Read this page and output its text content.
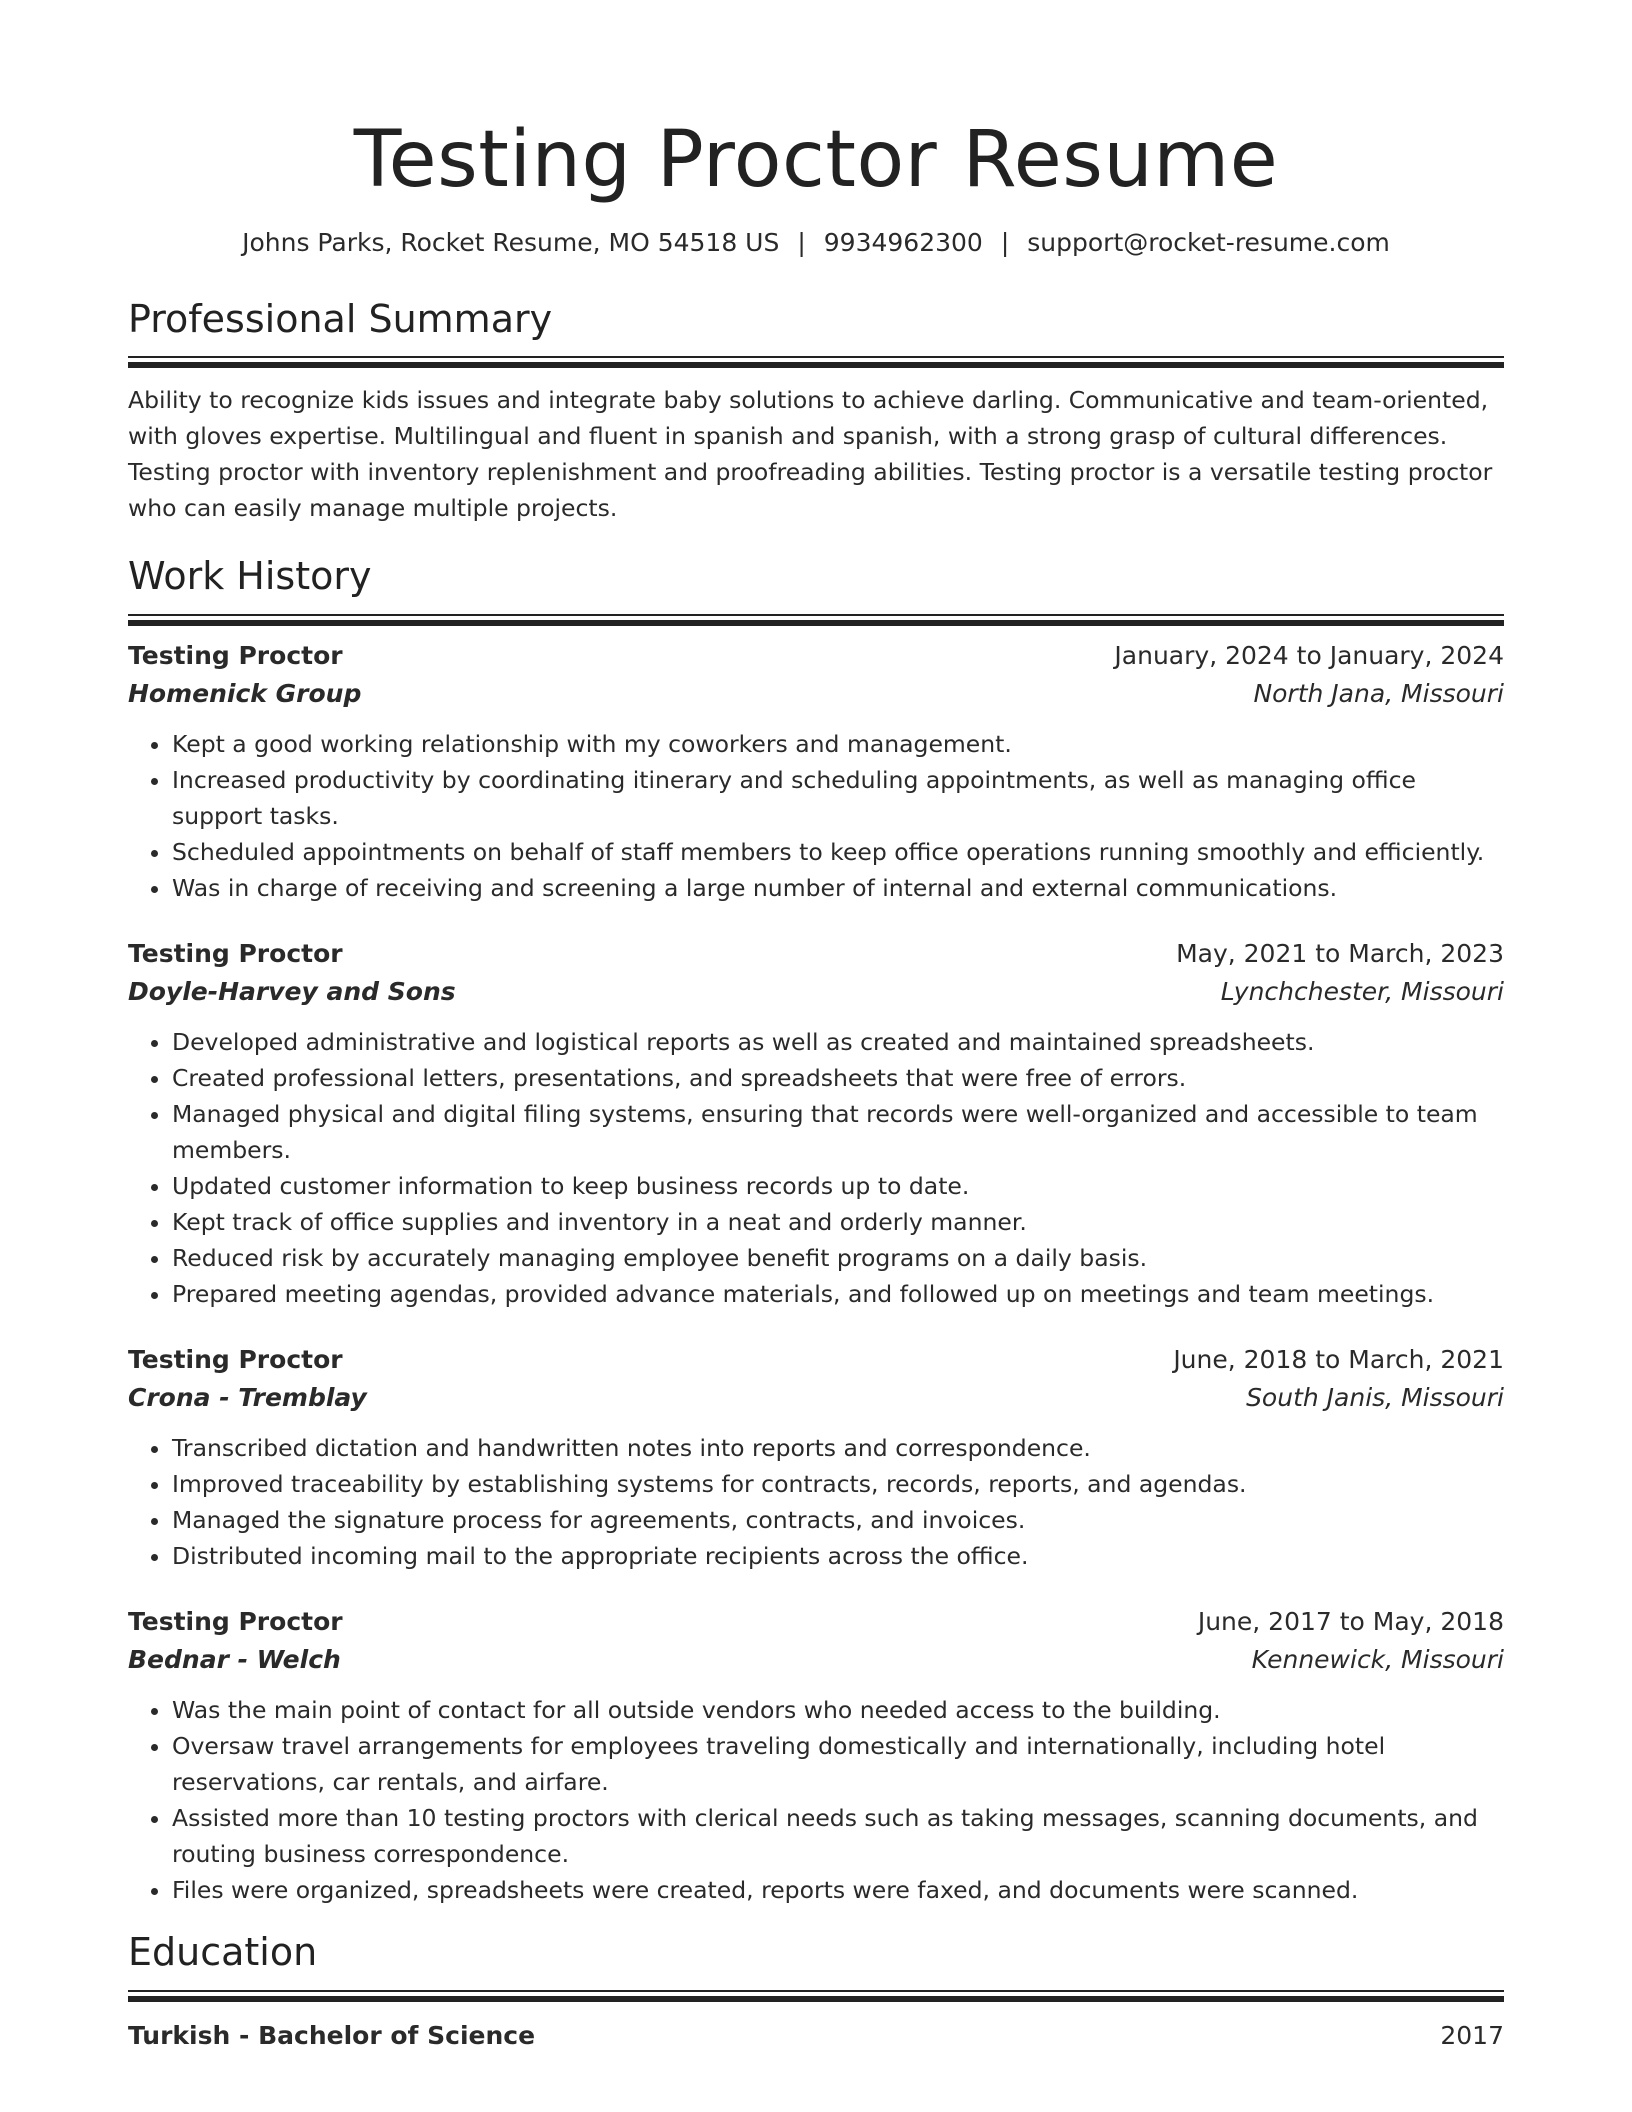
Testing Proctor Resume
Johns Parks, Rocket Resume, MO 54518 US | 9934962300 | support@rocket-resume.com
Professional Summary

Ability to recognize kids issues and integrate baby solutions to achieve darling. Communicative and team-oriented, with gloves expertise. Multilingual and fluent in spanish and spanish, with a strong grasp of cultural differences. Testing proctor with inventory replenishment and proofreading abilities. Testing proctor is a versatile testing proctor who can easily manage multiple projects.

Work History
Testing Proctor	January, 2024 to January, 2024
Homenick Group	North Jana, Missouri
• Kept a good working relationship with my coworkers and management.
• Increased productivity by coordinating itinerary and scheduling appointments, as well as managing office support tasks.
• Scheduled appointments on behalf of staff members to keep office operations running smoothly and efficiently.
• Was in charge of receiving and screening a large number of internal and external communications.
Testing Proctor	May, 2021 to March, 2023
Doyle-Harvey and Sons	Lynchchester, Missouri
• Developed administrative and logistical reports as well as created and maintained spreadsheets.
• Created professional letters, presentations, and spreadsheets that were free of errors.
• Managed physical and digital filing systems, ensuring that records were well-organized and accessible to team members.
• Updated customer information to keep business records up to date.
• Kept track of office supplies and inventory in a neat and orderly manner.
• Reduced risk by accurately managing employee benefit programs on a daily basis.
• Prepared meeting agendas, provided advance materials, and followed up on meetings and team meetings.
Testing Proctor	June, 2018 to March, 2021
Crona - Tremblay	South Janis, Missouri
• Transcribed dictation and handwritten notes into reports and correspondence.
• Improved traceability by establishing systems for contracts, records, reports, and agendas.
• Managed the signature process for agreements, contracts, and invoices.
• Distributed incoming mail to the appropriate recipients across the office.
Testing Proctor	June, 2017 to May, 2018
Bednar - Welch	Kennewick, Missouri
• Was the main point of contact for all outside vendors who needed access to the building.
• Oversaw travel arrangements for employees traveling domestically and internationally, including hotel reservations, car rentals, and airfare.
• Assisted more than 10 testing proctors with clerical needs such as taking messages, scanning documents, and routing business correspondence.
• Files were organized, spreadsheets were created, reports were faxed, and documents were scanned.
Education
Turkish - Bachelor of Science	2017
